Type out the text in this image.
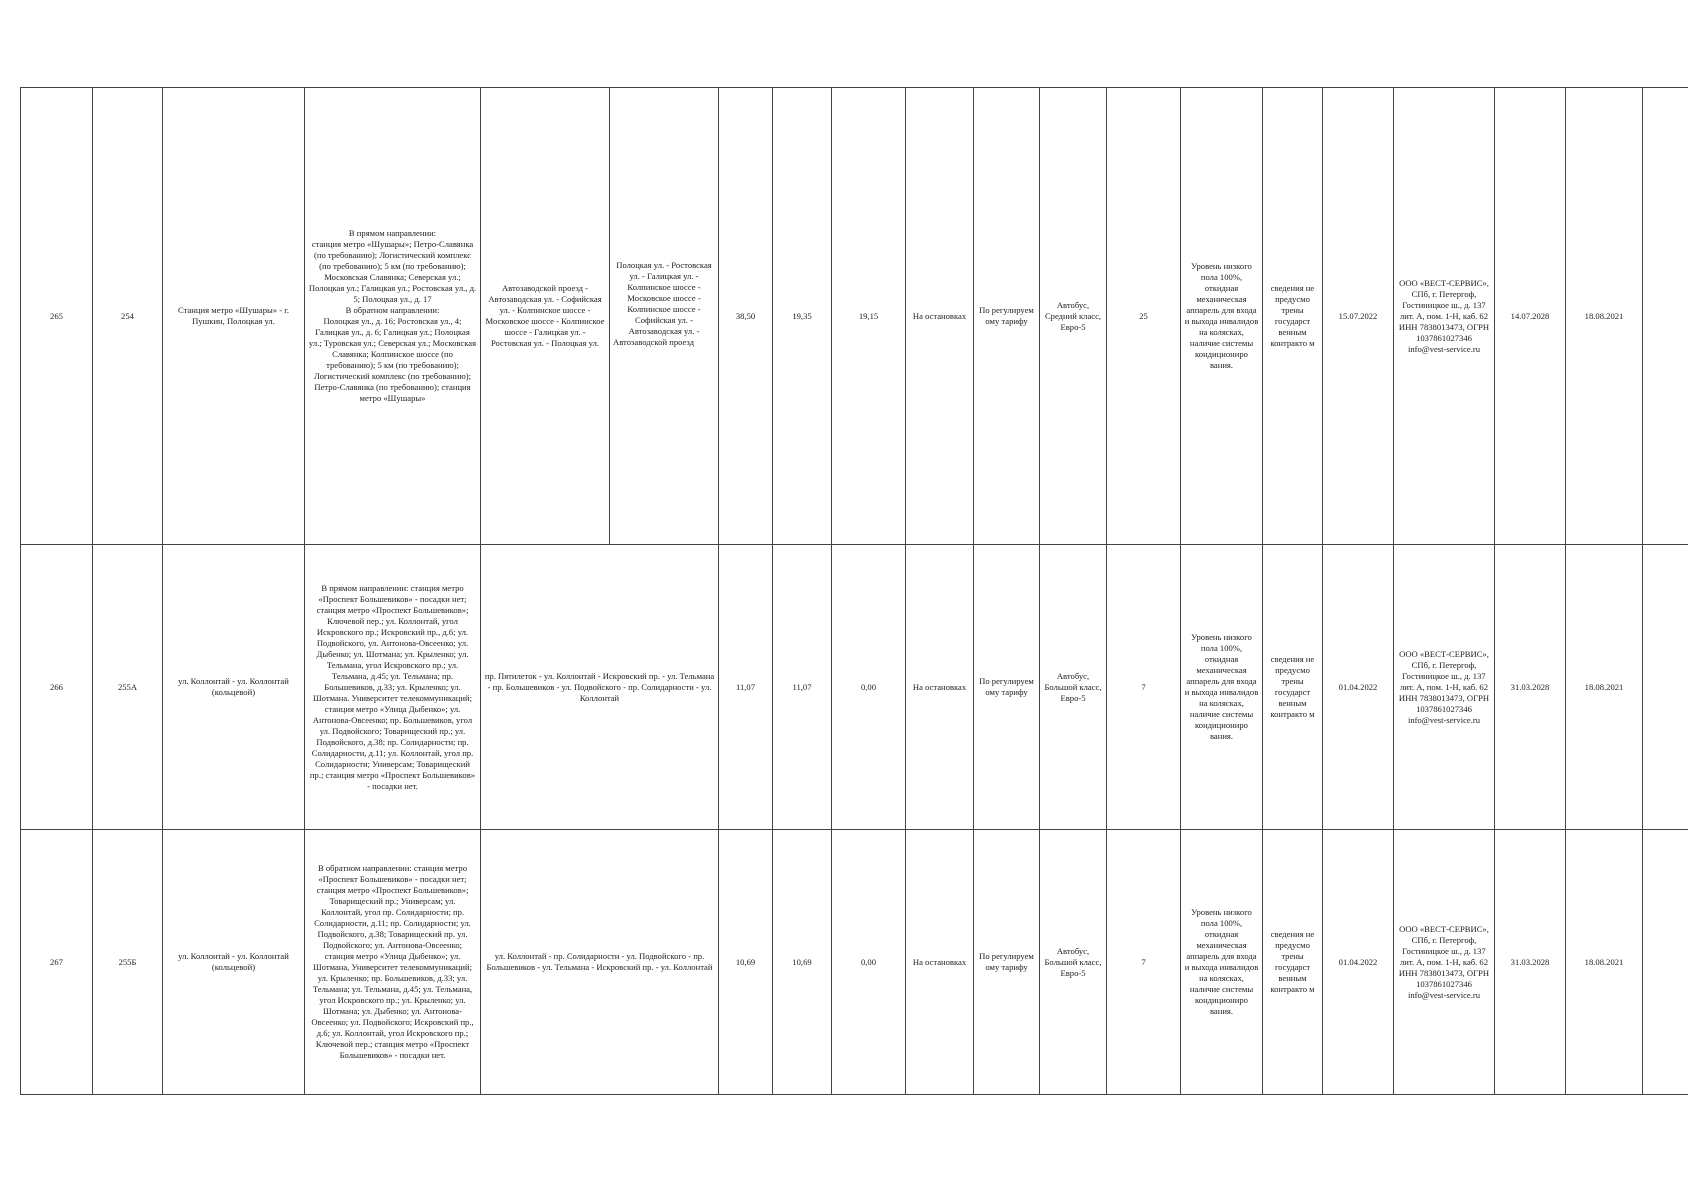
265	254	Станция метро «Шушары» - г. Пушкин, Полоцкая ул.	В прямом направлении:
станция метро «Шушары»; Петро-Славянка (по требованию); Логистический комплекс (по требованию); 5 км (по требованию); Московская Славянка; Северская ул.; Полоцкая ул.; Галицкая ул.; Ростовская ул., д. 5; Полоцкая ул., д. 17
В обратном направлении:
Полоцкая ул., д. 16; Ростовская ул., 4; Галицкая ул., д. 6; Галицкая ул.; Полоцкая ул.; Туровская ул.; Северская ул.; Московская Славянка; Колпинское шоссе (по требованию); 5 км (по требованию); Логистический комплекс (по требованию); Петро-Славянка (по требованию); станция метро «Шушары»	Автозаводской проезд - Автозаводская ул. - Софийская ул. - Колпинское шоссе - Московское шоссе - Колпинское шоссе - Галицкая ул. - Ростовская ул. - Полоцкая ул.	Полоцкая ул. - Ростовская ул. - Галицкая ул. - Колпинское шоссе - Московское шоссе - Колпинское шоссе - Софийская ул. - Автозаводская ул. - Автозаводской проезд	38,50	19,35	19,15	На остановках	По регулируем ому тарифу	Автобус, Средний класс, Евро-5	25	Уровень низкого пола 100%, откидная механическая аппарель для входа и выхода инвалидов на колясках, наличие системы кондициониро вания.	сведения не предусмо трены государст венным контракто м	15.07.2022	ООО «ВЕСТ-СЕРВИС», СПб, г. Петергоф, Гостиницкое ш., д. 137 лит. А, пом. 1-Н, каб. 62 ИНН 7838013473, ОГРН 1037861027346 info@vest-service.ru	14.07.2028	18.08.2021	
266	255А	ул. Коллонтай - ул. Коллонтай (кольцевой)	В прямом направлении: станция метро «Проспект Большевиков» - посадки нет; станция метро «Проспект Большевиков»; Ключевой пер.; ул. Коллонтай, угол Искровского пр.; Искровский пр., д.6; ул. Подвойского, ул. Антонова-Овсеенко; ул. Дыбенко; ул. Шотмана; ул. Крыленко; ул. Тельмана, угол Искровского пр.; ул. Тельмана, д.45; ул. Тельмана; пр. Большевиков, д.33; ул. Крыленко; ул. Шотмана. Университет телекоммуникаций; станция метро «Улица Дыбенко»; ул. Антонова-Овсеенко; пр. Большевиков, угол ул. Подвойского; Товарищеский пр.; ул. Подвойского, д.38; пр. Солидарности; пр. Солидарности, д.11; ул. Коллонтай, угол пр. Солидарности; Универсам; Товарищеский пр.; станция метро «Проспект Большевиков» - посадки нет.	пр. Пятилеток - ул. Коллонтай - Искровский пр. - ул. Тельмана - пр. Большевиков - ул. Подвойского - пр. Солидарности - ул. Коллонтай		11,07	11,07	0,00	На остановках	По регулируем ому тарифу	Автобус, Большой класс, Евро-5	7	Уровень низкого пола 100%, откидная механическая аппарель для входа и выхода инвалидов на колясках, наличие системы кондициониро вания.	сведения не предусмо трены государст венным контракто м	01.04.2022	ООО «ВЕСТ-СЕРВИС», СПб, г. Петергоф, Гостиницкое ш., д. 137 лит. А, пом. 1-Н, каб. 62 ИНН 7838013473, ОГРН 1037861027346 info@vest-service.ru	31.03.2028	18.08.2021	
267	255Б	ул. Коллонтай - ул. Коллонтай (кольцевой)	В обратном направлении: станция метро «Проспект Большевиков» - посадки нет; станция метро «Проспект Большевиков»; Товарищеский пр.; Универсам; ул. Коллонтай, угол пр. Солидарности; пр. Солидарности, д.11; пр. Солидарности; ул. Подвойского, д.38; Товарищеский пр. ул. Подвойского; ул. Антонова-Овсеенко; станция метро «Улица Дыбенко»; ул. Шотмана, Университет телекоммуникаций; ул. Крыленко; пр. Большевиков, д.33; ул. Тельмана; ул. Тельмана, д.45; ул. Тельмана, угол Искровского пр.; ул. Крыленко; ул. Шотмана; ул. Дыбенко; ул. Антонова-Овсеенко; ул. Подвойского; Искровский пр., д.6; ул. Коллонтай, угол Искровского пр.; Ключевой пер.; станция метро «Проспект Большевиков» - посадки нет.	ул. Коллонтай - пр. Солидарности - ул. Подвойского - пр. Большевиков - ул. Тельмана - Искровский пр. - ул. Коллонтай		10,69	10,69	0,00	На остановках	По регулируем ому тарифу	Автобус, Большой класс, Евро-5	7	Уровень низкого пола 100%, откидная механическая аппарель для входа и выхода инвалидов на колясках, наличие системы кондициониро вания.	сведения не предусмо трены государст венным контракто м	01.04.2022	ООО «ВЕСТ-СЕРВИС», СПб, г. Петергоф, Гостиницкое ш., д. 137 лит. А, пом. 1-Н, каб. 62 ИНН 7838013473, ОГРН 1037861027346 info@vest-service.ru	31.03.2028	18.08.2021	
